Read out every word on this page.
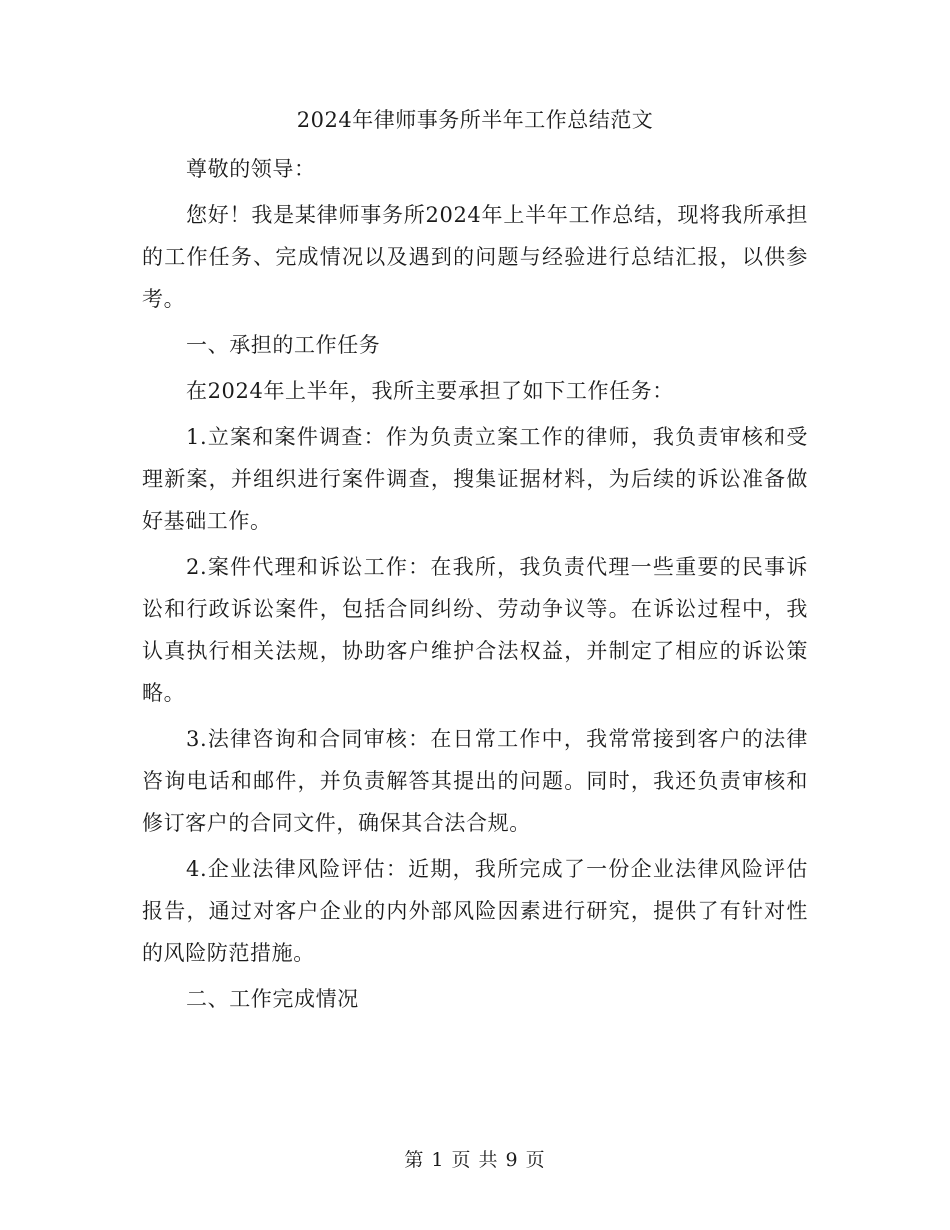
2024年律师事务所半年工作总结范文

尊敬的领导：

您好！我是某律师事务所2024年上半年工作总结，现将我所承担的工作任务、完成情况以及遇到的问题与经验进行总结汇报，以供参考。

一、承担的工作任务

在2024年上半年，我所主要承担了如下工作任务：

1.立案和案件调查：作为负责立案工作的律师，我负责审核和受理新案，并组织进行案件调查，搜集证据材料，为后续的诉讼准备做好基础工作。

2.案件代理和诉讼工作：在我所，我负责代理一些重要的民事诉讼和行政诉讼案件，包括合同纠纷、劳动争议等。在诉讼过程中，我认真执行相关法规，协助客户维护合法权益，并制定了相应的诉讼策略。

3.法律咨询和合同审核：在日常工作中，我常常接到客户的法律咨询电话和邮件，并负责解答其提出的问题。同时，我还负责审核和修订客户的合同文件，确保其合法合规。

4.企业法律风险评估：近期，我所完成了一份企业法律风险评估报告，通过对客户企业的内外部风险因素进行研究，提供了有针对性的风险防范措施。

二、工作完成情况

第 1 页 共 9 页
